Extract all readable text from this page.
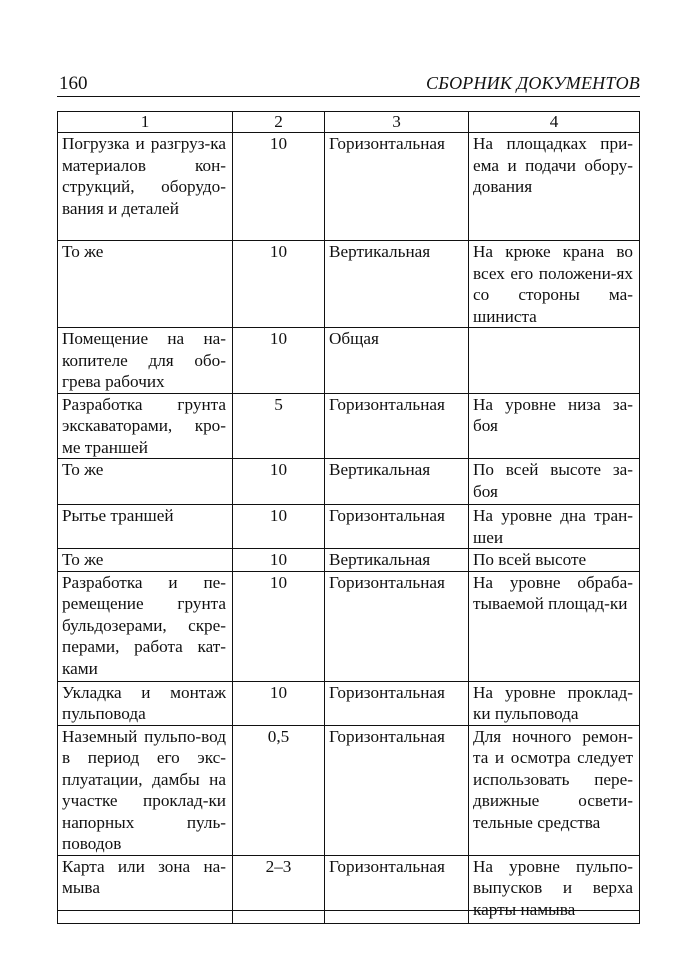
160	СБОРНИК ДОКУМЕНТОВ
1	2	3	4
Погрузка и разгруз-ка материалов кон-струкций, оборудо-вания и деталей	10	Горизонтальная	На площадках при-ема и подачи обору-дования
То же	10	Вертикальная	На крюке крана во всех его положени-ях со стороны ма-шиниста
Помещение на на-копителе для обо-грева рабочих	10	Общая	
Разработка грунта экскаваторами, кро-ме траншей	5	Горизонтальная	На уровне низа за-боя
То же	10	Вертикальная	По всей высоте за-боя
Рытье траншей	10	Горизонтальная	На уровне дна тран-шеи
То же	10	Вертикальная	По всей высоте
Разработка и пе-ремещение грунта бульдозерами, скре-перами, работа кат-ками	10	Горизонтальная	На уровне обраба-тываемой площад-ки
Укладка и монтаж пульповода	10	Горизонтальная	На уровне проклад-ки пульповода
Наземный пульпо-вод в период его экс-плуатации, дамбы на участке проклад-ки напорных пуль-поводов	0,5	Горизонтальная	Для ночного ремон-та и осмотра следует использовать пере-движные освети-тельные средства
Карта или зона на-мыва	2–3	Горизонтальная	На уровне пульпо-выпусков и верха карты намыва
